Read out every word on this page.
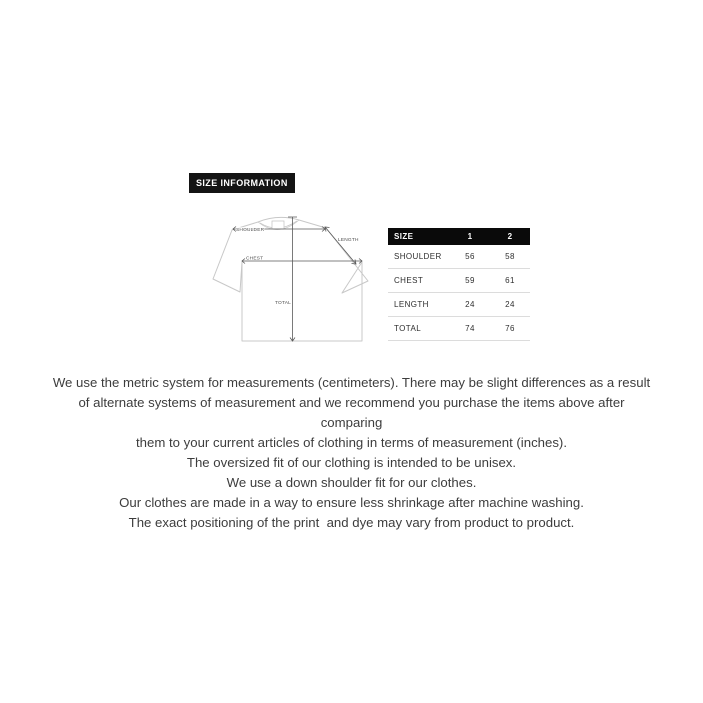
SIZE INFORMATION
SHOULDER
LENGTH
CHEST
TOTAL
SIZE	1	2
SHOULDER	56	58
CHEST	59	61
LENGTH	24	24
TOTAL	74	76
We use the metric system for measurements (centimeters). There may be slight differences as a result
of alternate systems of measurement and we recommend you purchase the items above after
comparing
them to your current articles of clothing in terms of measurement (inches).
The oversized fit of our clothing is intended to be unisex.
We use a down shoulder fit for our clothes.
Our clothes are made in a way to ensure less shrinkage after machine washing.
The exact positioning of the print  and dye may vary from product to product.
